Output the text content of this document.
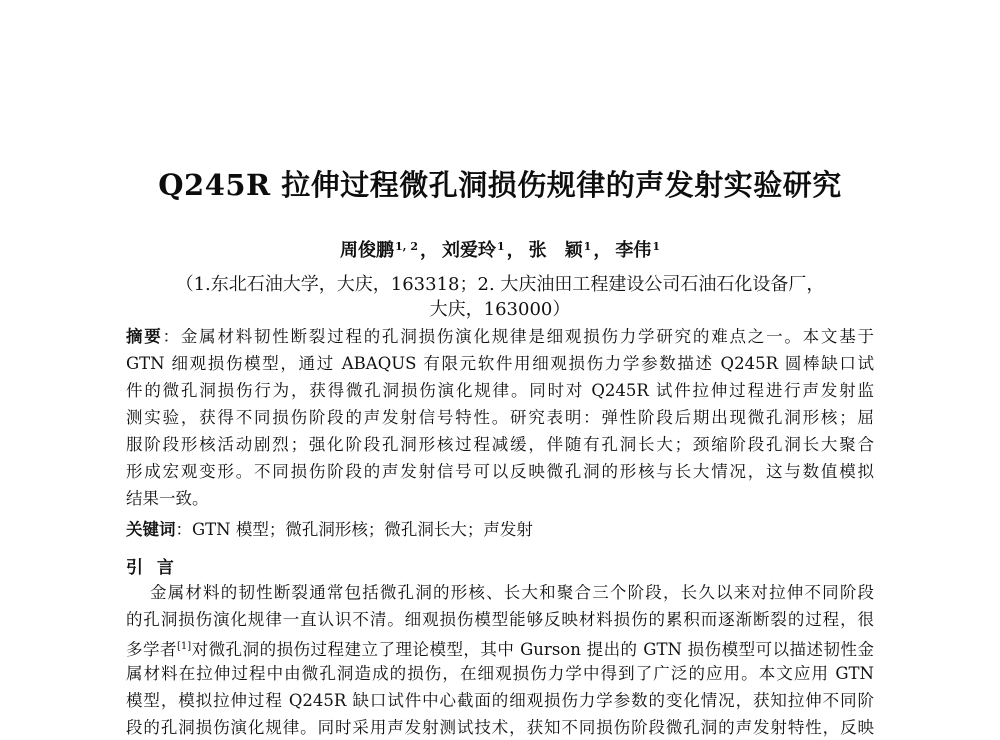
Q245R 拉伸过程微孔洞损伤规律的声发射实验研究
周俊鹏$^{1, 2}$ ， 刘爱玲$^1$ ， 张　颖$^1$ ， 李伟$^1$
（1.东北石油大学，大庆，163318；2. 大庆油田工程建设公司石油石化设备厂，
大庆，163000）
摘要：金属材料韧性断裂过程的孔洞损伤演化规律是细观损伤力学研究的难点之一。本文基于
GTN 细观损伤模型，通过 ABAQUS 有限元软件用细观损伤力学参数描述 Q245R 圆棒缺口试
件的微孔洞损伤行为，获得微孔洞损伤演化规律。同时对 Q245R 试件拉伸过程进行声发射监
测实验，获得不同损伤阶段的声发射信号特性。研究表明：弹性阶段后期出现微孔洞形核；屈
服阶段形核活动剧烈；强化阶段孔洞形核过程减缓，伴随有孔洞长大；颈缩阶段孔洞长大聚合
形成宏观变形。不同损伤阶段的声发射信号可以反映微孔洞的形核与长大情况，这与数值模拟
结果一致。
关键词：GTN 模型；微孔洞形核；微孔洞长大；声发射
引 言
金属材料的韧性断裂通常包括微孔洞的形核、长大和聚合三个阶段，长久以来对拉伸不同阶段
的孔洞损伤演化规律一直认识不清。细观损伤模型能够反映材料损伤的累积而逐渐断裂的过程，很
多学者[1]对微孔洞的损伤过程建立了理论模型，其中 Gurson 提出的 GTN 损伤模型可以描述韧性金
属材料在拉伸过程中由微孔洞造成的损伤，在细观损伤力学中得到了广泛的应用。本文应用 GTN
模型，模拟拉伸过程 Q245R 缺口试件中心截面的细观损伤力学参数的变化情况，获知拉伸不同阶
段的孔洞损伤演化规律。同时采用声发射测试技术，获知不同损伤阶段微孔洞的声发射特性，反映
